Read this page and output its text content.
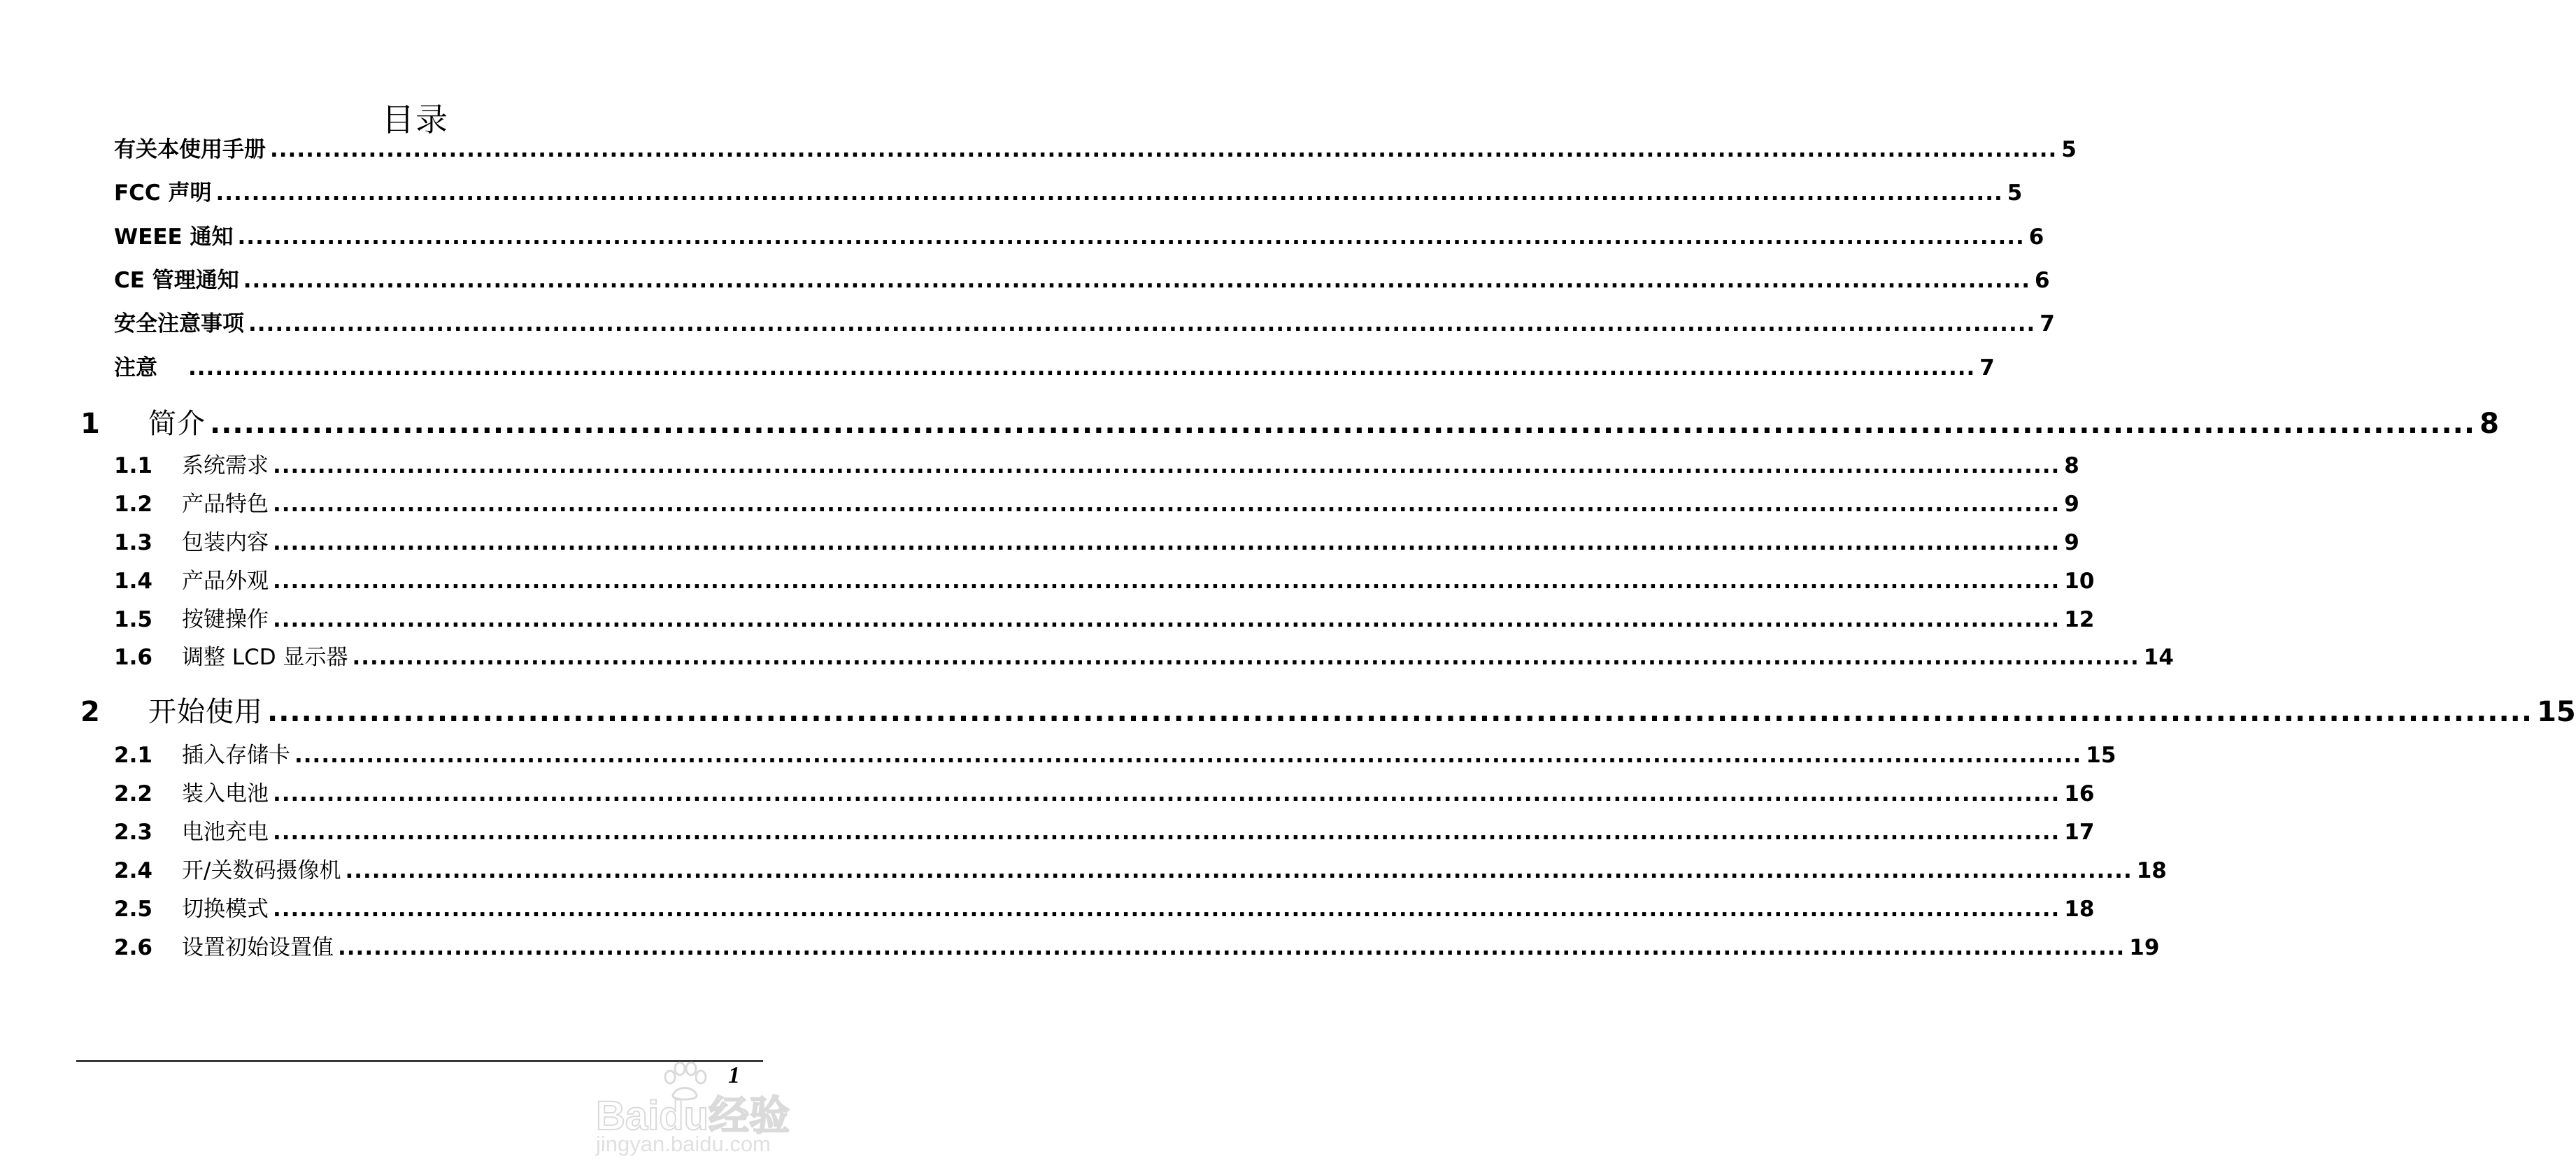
目录
有关本使用手册 ........................................................................................................................................................................................................ 5
FCC 声明 ........................................................................................................................................................................................................ 5
WEEE 通知 ........................................................................................................................................................................................................ 6
CE 管理通知 ........................................................................................................................................................................................................ 6
安全注意事项 ........................................................................................................................................................................................................ 7
注意　 ........................................................................................................................................................................................................ 7
1	简介 ........................................................................................................................................................................................................ 8
1.1	系统需求 ........................................................................................................................................................................................................ 8
1.2	产品特色 ........................................................................................................................................................................................................ 9
1.3	包装内容 ........................................................................................................................................................................................................ 9
1.4	产品外观 ........................................................................................................................................................................................................ 10
1.5	按键操作 ........................................................................................................................................................................................................ 12
1.6	调整 LCD 显示器 ........................................................................................................................................................................................................ 14
2	开始使用 ........................................................................................................................................................................................................ 15
2.1	插入存储卡 ........................................................................................................................................................................................................ 15
2.2	装入电池 ........................................................................................................................................................................................................ 16
2.3	电池充电 ........................................................................................................................................................................................................ 17
2.4	开/关数码摄像机 ........................................................................................................................................................................................................ 18
2.5	切换模式 ........................................................................................................................................................................................................ 18
2.6	设置初始设置值 ........................................................................................................................................................................................................ 19
Baidu经验
jingyan.baidu.com
1
